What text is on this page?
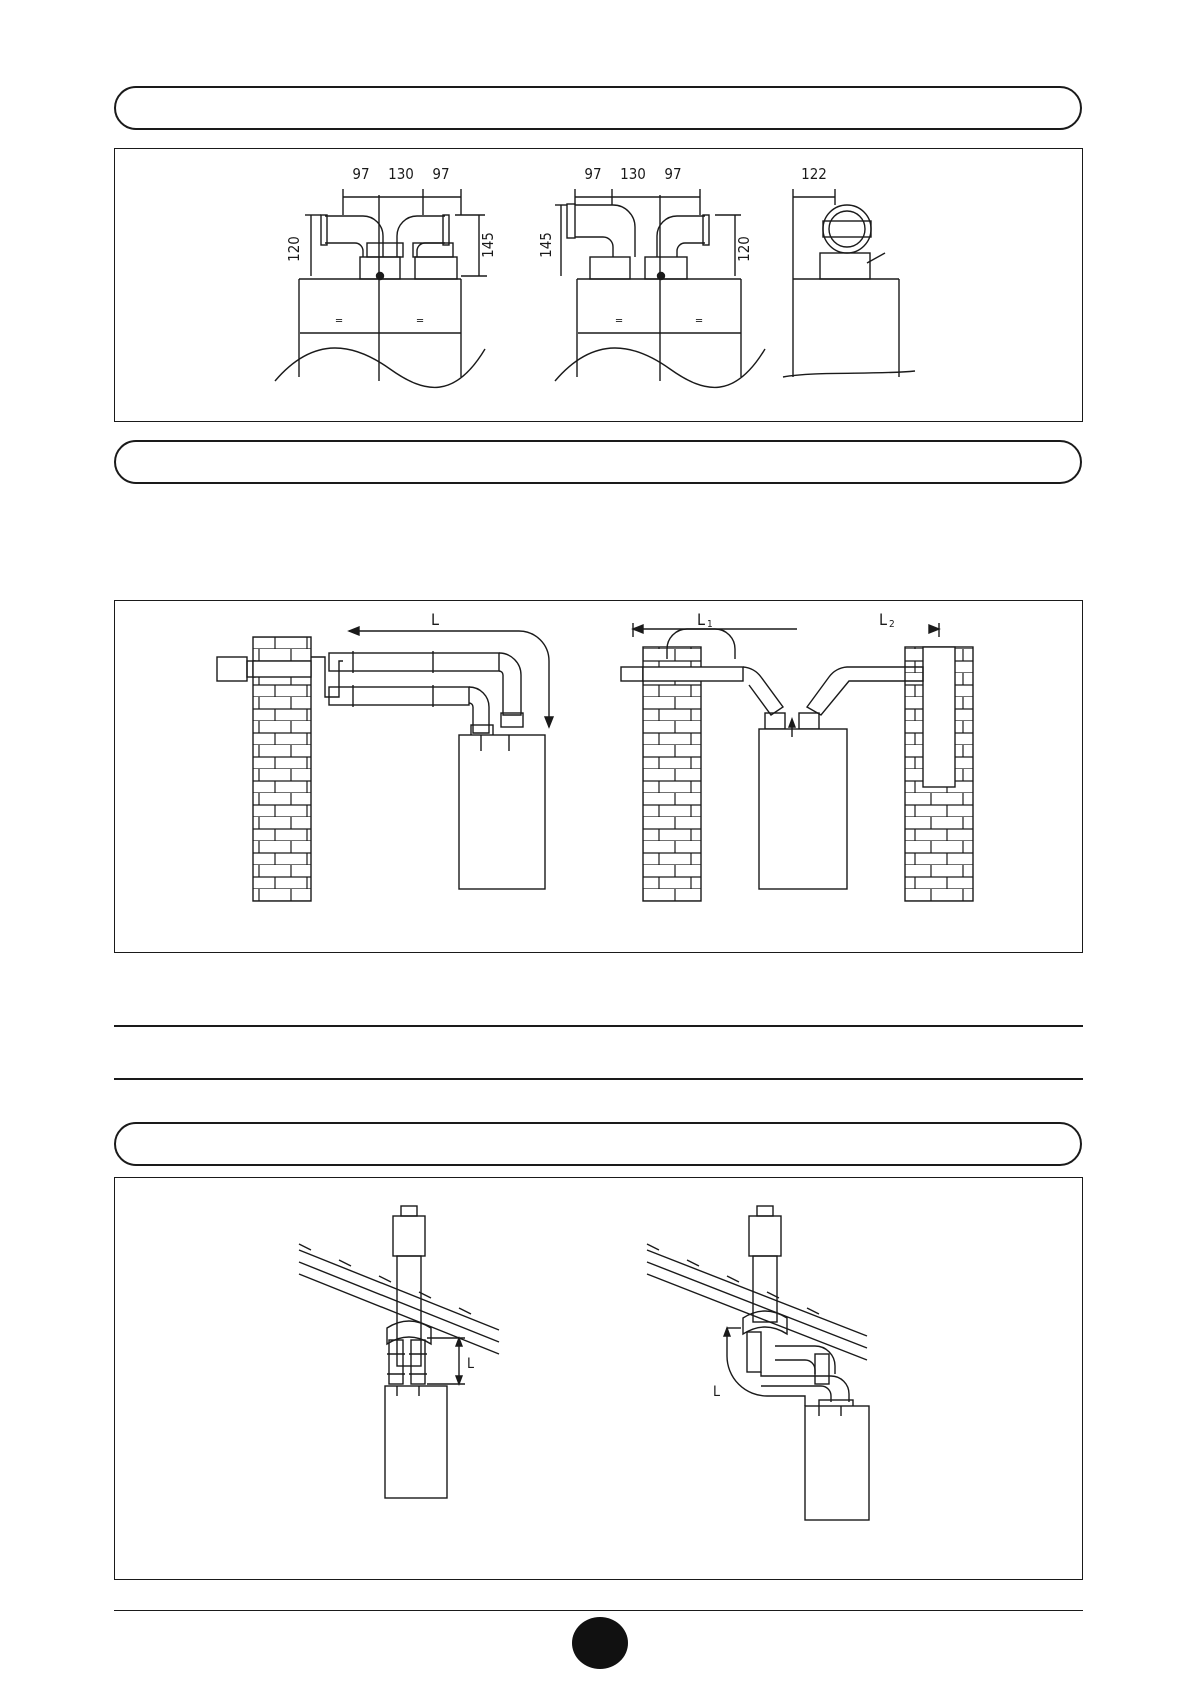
97 130 97
120	145
=	=
97 130 97
145	120
=	=
122
L	L 1	L 2
L
L
